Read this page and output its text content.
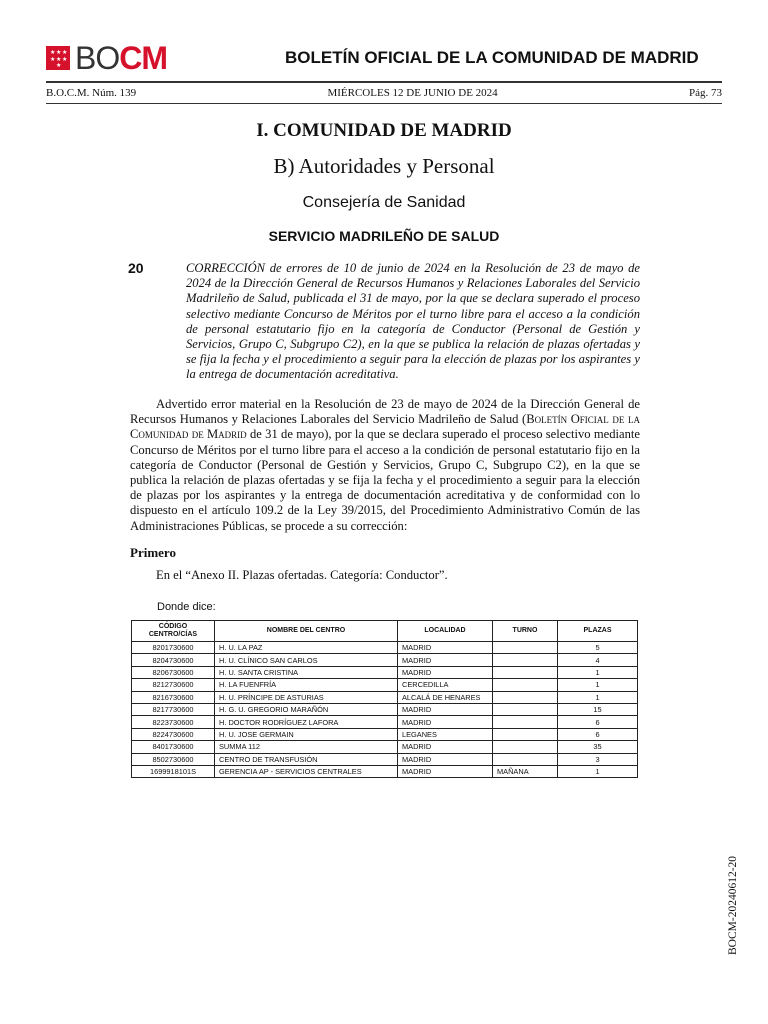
★ ★ ★
★ ★ ★
★ BO CM	BOLETÍN OFICIAL DE LA COMUNIDAD DE MADRID
B.O.C.M. Núm. 139	MIÉRCOLES 12 DE JUNIO DE 2024	Pág. 73
I. COMUNIDAD DE MADRID
B) Autoridades y Personal
Consejería de Sanidad
SERVICIO MADRILEÑO DE SALUD
20	CORRECCIÓN de errores de 10 de junio de 2024 en la Resolución de 23 de mayo de 2024 de la Dirección General de Recursos Humanos y Relaciones Laborales del Servicio Madrileño de Salud, publicada el 31 de mayo, por la que se declara superado el proceso selectivo mediante Concurso de Méritos por el turno libre para el acceso a la condición de personal estatutario fijo en la categoría de Conductor (Personal de Gestión y Servicios, Grupo C, Subgrupo C2), en la que se publica la relación de plazas ofertadas y se fija la fecha y el procedimiento a seguir para la elección de plazas por los aspirantes y la entrega de documentación acreditativa.
Advertido error material en la Resolución de 23 de mayo de 2024 de la Dirección General de Recursos Humanos y Relaciones Laborales del Servicio Madrileño de Salud (Boletín Oficial de la Comunidad de Madrid de 31 de mayo), por la que se declara superado el proceso selectivo mediante Concurso de Méritos por el turno libre para el acceso a la condición de personal estatutario fijo en la categoría de Conductor (Personal de Gestión y Servicios, Grupo C, Subgrupo C2), en la que se publica la relación de plazas ofertadas y se fija la fecha y el procedimiento a seguir para la elección de plazas por los aspirantes y la entrega de documentación acreditativa y de conformidad con lo dispuesto en el artículo 109.2 de la Ley 39/2015, del Procedimiento Administrativo Común de las Administraciones Públicas, se procede a su corrección:
Primero
En el “Anexo II. Plazas ofertadas. Categoría: Conductor”.
Donde dice:
CÓDIGO CENTRO/CÍAS	NOMBRE DEL CENTRO	LOCALIDAD	TURNO	PLAZAS
8201730600	H. U. LA PAZ	MADRID		5
8204730600	H. U. CLÍNICO SAN CARLOS	MADRID		4
8206730600	H. U. SANTA CRISTINA	MADRID		1
8212730600	H. LA FUENFRÍA	CERCEDILLA		1
8216730600	H. U. PRÍNCIPE DE ASTURIAS	ALCALÁ DE HENARES		1
8217730600	H. G. U. GREGORIO MARAÑÓN	MADRID		15
8223730600	H. DOCTOR RODRÍGUEZ LAFORA	MADRID		6
8224730600	H. U. JOSE GERMAIN	LEGANES		6
8401730600	SUMMA 112	MADRID		35
8502730600	CENTRO DE TRANSFUSIÓN	MADRID		3
1699918101S	GERENCIA AP - SERVICIOS CENTRALES	MADRID	MAÑANA	1
BOCM-20240612-20
